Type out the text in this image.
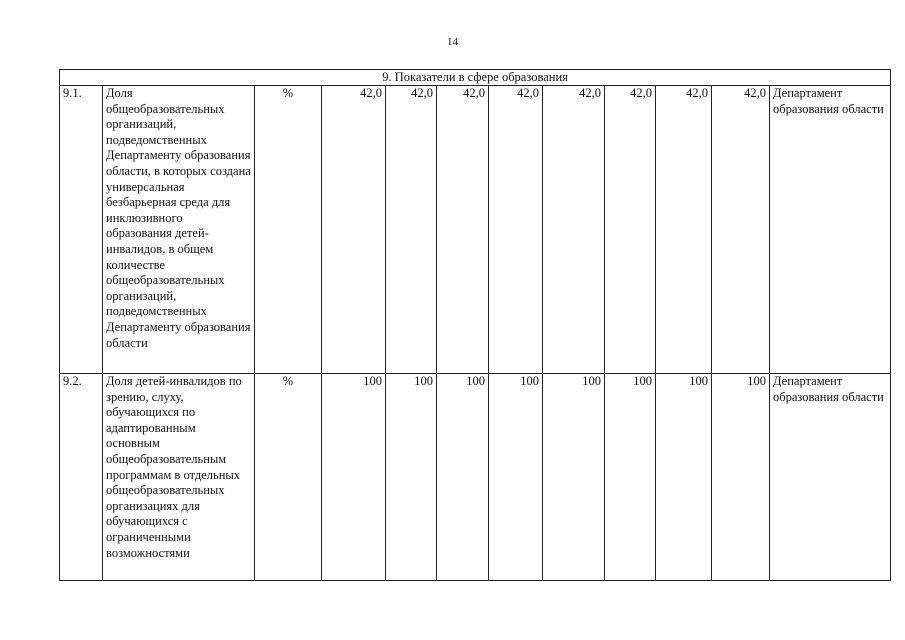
14
9. Показатели в сфере образования											
9.1.	Доля общеобразовательных организаций, подведомственных Департаменту образования области, в которых создана универсальная безбарьерная среда для инклюзивного образования детей-инвалидов, в общем количестве общеобразовательных организаций, подведомственных Департаменту образования области	%	42,0	42,0	42,0	42,0	42,0	42,0	42,0	42,0	Департамент образования области
9.2.	Доля детей-инвалидов по зрению, слуху, обучающихся по адаптированным основным общеобразовательным программам в отдельных общеобразовательных организациях для обучающихся с ограниченными возможностями	%	100	100	100	100	100	100	100	100	Департамент образования области
